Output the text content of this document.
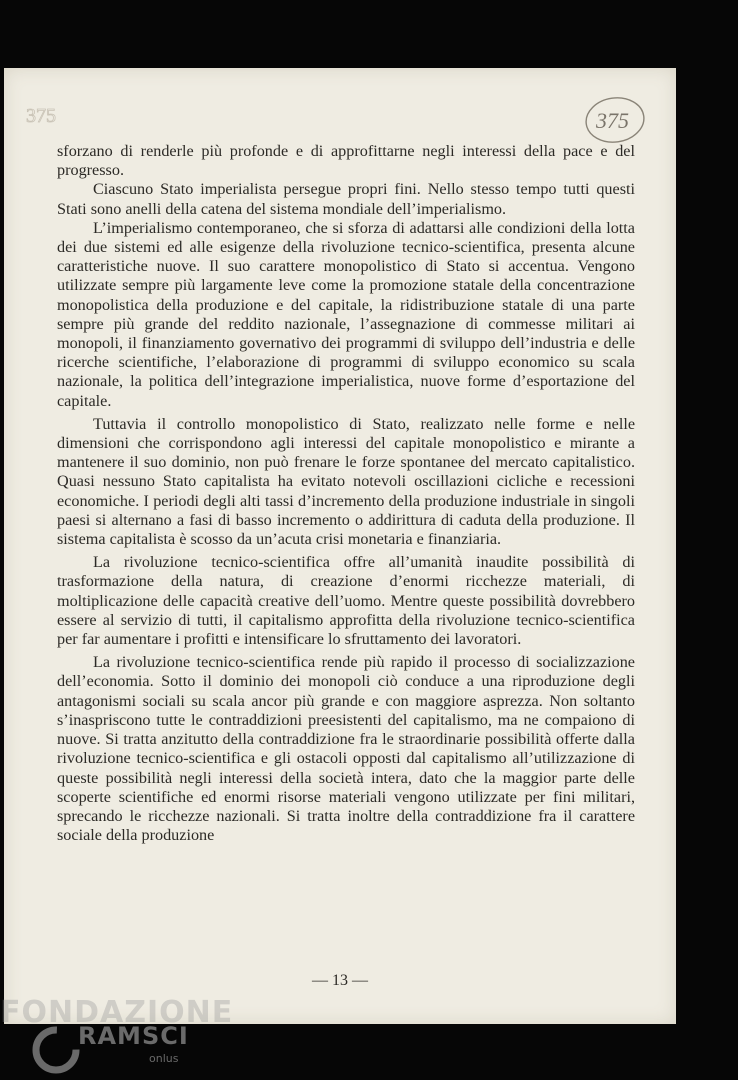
375	375

sforzano di renderle più profonde e di approfittarne negli interessi della pace e del progresso.

Ciascuno Stato imperialista persegue propri fini. Nello stesso tempo tutti questi Stati sono anelli della catena del sistema mondiale dell’imperialismo.

L’imperialismo contemporaneo, che si sforza di adattarsi alle condizioni della lotta dei due sistemi ed alle esigenze della rivoluzione tecnico-scientifica, presenta alcune caratteristiche nuove. Il suo carattere monopolistico di Stato si accentua. Vengono utilizzate sempre più largamente leve come la promozione statale della concentrazione monopolistica della produzione e del capitale, la ridistribuzione statale di una parte sempre più grande del reddito nazionale, l’assegnazione di commesse militari ai monopoli, il finanziamento governativo dei programmi di sviluppo dell’industria e delle ricerche scientifiche, l’elaborazione di programmi di sviluppo economico su scala nazionale, la politica dell’integrazione imperialistica, nuove forme d’esportazione del capitale.

Tuttavia il controllo monopolistico di Stato, realizzato nelle forme e nelle dimensioni che corrispondono agli interessi del capitale monopolistico e mirante a mantenere il suo dominio, non può frenare le forze spontanee del mercato capitalistico. Quasi nessuno Stato capitalista ha evitato notevoli oscillazioni cicliche e recessioni economiche. I periodi degli alti tassi d’incremento della produzione industriale in singoli paesi si alternano a fasi di basso incremento o addirittura di caduta della produzione. Il sistema capitalista è scosso da un’acuta crisi monetaria e finanziaria.

La rivoluzione tecnico-scientifica offre all’umanità inaudite possibilità di trasformazione della natura, di creazione d’enormi ricchezze materiali, di moltiplicazione delle capacità creative dell’uomo. Mentre queste possibilità dovrebbero essere al servizio di tutti, il capitalismo approfitta della rivoluzione tecnico-scientifica per far aumentare i profitti e intensificare lo sfruttamento dei lavoratori.

La rivoluzione tecnico-scientifica rende più rapido il processo di socializzazione dell’economia. Sotto il dominio dei monopoli ciò conduce a una riproduzione degli antagonismi sociali su scala ancor più grande e con maggiore asprezza. Non soltanto s’inaspriscono tutte le contraddizioni preesistenti del capitalismo, ma ne compaiono di nuove. Si tratta anzitutto della contraddizione fra le straordinarie possibilità offerte dalla rivoluzione tecnico-scientifica e gli ostacoli opposti dal capitalismo all’utilizzazione di queste possibilità negli interessi della società intera, dato che la maggior parte delle scoperte scientifiche ed enormi risorse materiali vengono utilizzate per fini militari, sprecando le ricchezze nazionali. Si tratta inoltre della contraddizione fra il carattere sociale della produzione

— 13 —
FONDAZIONE
RAMSCI
onlus
